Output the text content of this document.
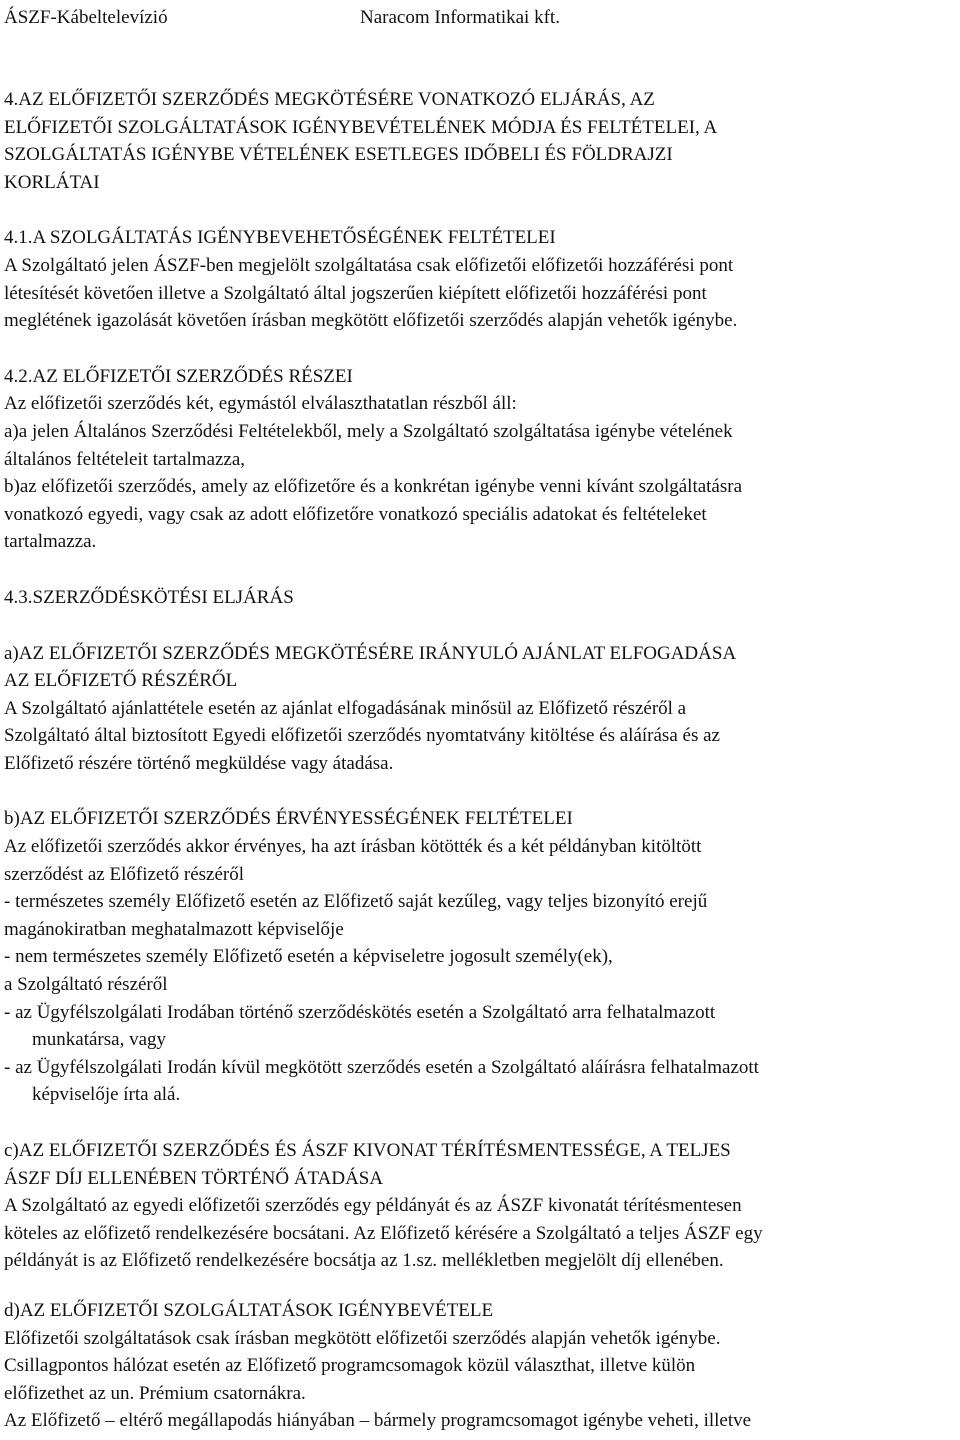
ÁSZF-Kábeltelevízió	Naracom Informatikai kft.
4.AZ ELŐFIZETŐI SZERZŐDÉS MEGKÖTÉSÉRE VONATKOZÓ ELJÁRÁS, AZ
ELŐFIZETŐI SZOLGÁLTATÁSOK IGÉNYBEVÉTELÉNEK MÓDJA ÉS FELTÉTELEI, A
SZOLGÁLTATÁS IGÉNYBE VÉTELÉNEK ESETLEGES IDŐBELI ÉS FÖLDRAJZI
KORLÁTAI
4.1.A SZOLGÁLTATÁS IGÉNYBEVEHETŐSÉGÉNEK FELTÉTELEI
A Szolgáltató jelen ÁSZF-ben megjelölt szolgáltatása csak előfizetői előfizetői hozzáférési pont
létesítését követően illetve a Szolgáltató által jogszerűen kiépített előfizetői hozzáférési pont
meglétének igazolását követően írásban megkötött előfizetői szerződés alapján vehetők igénybe.
4.2.AZ ELŐFIZETŐI SZERZŐDÉS RÉSZEI
Az előfizetői szerződés két, egymástól elválaszthatatlan részből áll:
a)a jelen Általános Szerződési Feltételekből, mely a Szolgáltató szolgáltatása igénybe vételének
általános feltételeit tartalmazza,
b)az előfizetői szerződés, amely az előfizetőre és a konkrétan igénybe venni kívánt szolgáltatásra
vonatkozó egyedi, vagy csak az adott előfizetőre vonatkozó speciális adatokat és feltételeket
tartalmazza.
4.3.SZERZŐDÉSKÖTÉSI ELJÁRÁS
a)AZ ELŐFIZETŐI SZERZŐDÉS MEGKÖTÉSÉRE IRÁNYULÓ AJÁNLAT ELFOGADÁSA
AZ ELŐFIZETŐ RÉSZÉRŐL
A Szolgáltató ajánlattétele esetén az ajánlat elfogadásának minősül az Előfizető részéről a
Szolgáltató által biztosított Egyedi előfizetői szerződés nyomtatvány kitöltése és aláírása és az
Előfizető részére történő megküldése vagy átadása.
b)AZ ELŐFIZETŐI SZERZŐDÉS ÉRVÉNYESSÉGÉNEK FELTÉTELEI
Az előfizetői szerződés akkor érvényes, ha azt írásban kötötték és a két példányban kitöltött
szerződést az Előfizető részéről
- természetes személy Előfizető esetén az Előfizető saját kezűleg, vagy teljes bizonyító erejű
magánokiratban meghatalmazott képviselője
- nem természetes személy Előfizető esetén a képviseletre jogosult személy(ek),
a Szolgáltató részéről
- az Ügyfélszolgálati Irodában történő szerződéskötés esetén a Szolgáltató arra felhatalmazott
munkatársa, vagy
- az Ügyfélszolgálati Irodán kívül megkötött szerződés esetén a Szolgáltató aláírásra felhatalmazott
képviselője írta alá.
c)AZ ELŐFIZETŐI SZERZŐDÉS ÉS ÁSZF KIVONAT TÉRÍTÉSMENTESSÉGE, A TELJES
ÁSZF DÍJ ELLENÉBEN TÖRTÉNŐ ÁTADÁSA
A Szolgáltató az egyedi előfizetői szerződés egy példányát és az ÁSZF kivonatát térítésmentesen
köteles az előfizető rendelkezésére bocsátani. Az Előfizető kérésére a Szolgáltató a teljes ÁSZF egy
példányát is az Előfizető rendelkezésére bocsátja az 1.sz. mellékletben megjelölt díj ellenében.
d)AZ ELŐFIZETŐI SZOLGÁLTATÁSOK IGÉNYBEVÉTELE
Előfizetői szolgáltatások csak írásban megkötött előfizetői szerződés alapján vehetők igénybe.
Csillagpontos hálózat esetén az Előfizető programcsomagok közül választhat, illetve külön
előfizethet az un. Prémium csatornákra.
Az Előfizető – eltérő megállapodás hiányában – bármely programcsomagot igénybe veheti, illetve
